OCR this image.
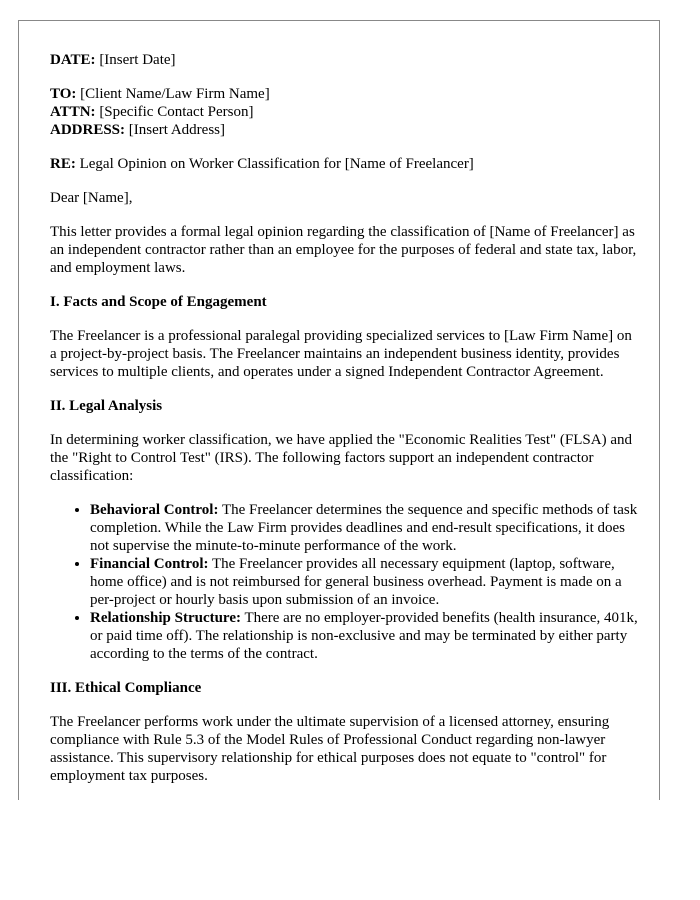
DATE: [Insert Date]

TO: [Client Name/Law Firm Name]

ATTN: [Specific Contact Person]

ADDRESS: [Insert Address]

RE: Legal Opinion on Worker Classification for [Name of Freelancer]

Dear [Name],

This letter provides a formal legal opinion regarding the classification of [Name of Freelancer] as an independent contractor rather than an employee for the purposes of federal and state tax, labor, and employment laws.

I. Facts and Scope of Engagement

The Freelancer is a professional paralegal providing specialized services to [Law Firm Name] on a project-by-project basis. The Freelancer maintains an independent business identity, provides services to multiple clients, and operates under a signed Independent Contractor Agreement.

II. Legal Analysis

In determining worker classification, we have applied the "Economic Realities Test" (FLSA) and the "Right to Control Test" (IRS). The following factors support an independent contractor classification:

• Behavioral Control: The Freelancer determines the sequence and specific methods of task completion. While the Law Firm provides deadlines and end-result specifications, it does not supervise the minute-to-minute performance of the work.
• Financial Control: The Freelancer provides all necessary equipment (laptop, software, home office) and is not reimbursed for general business overhead. Payment is made on a per-project or hourly basis upon submission of an invoice.
• Relationship Structure: There are no employer-provided benefits (health insurance, 401k, or paid time off). The relationship is non-exclusive and may be terminated by either party according to the terms of the contract.
III. Ethical Compliance

The Freelancer performs work under the ultimate supervision of a licensed attorney, ensuring compliance with Rule 5.3 of the Model Rules of Professional Conduct regarding non-lawyer assistance. This supervisory relationship for ethical purposes does not equate to "control" for employment tax purposes.
